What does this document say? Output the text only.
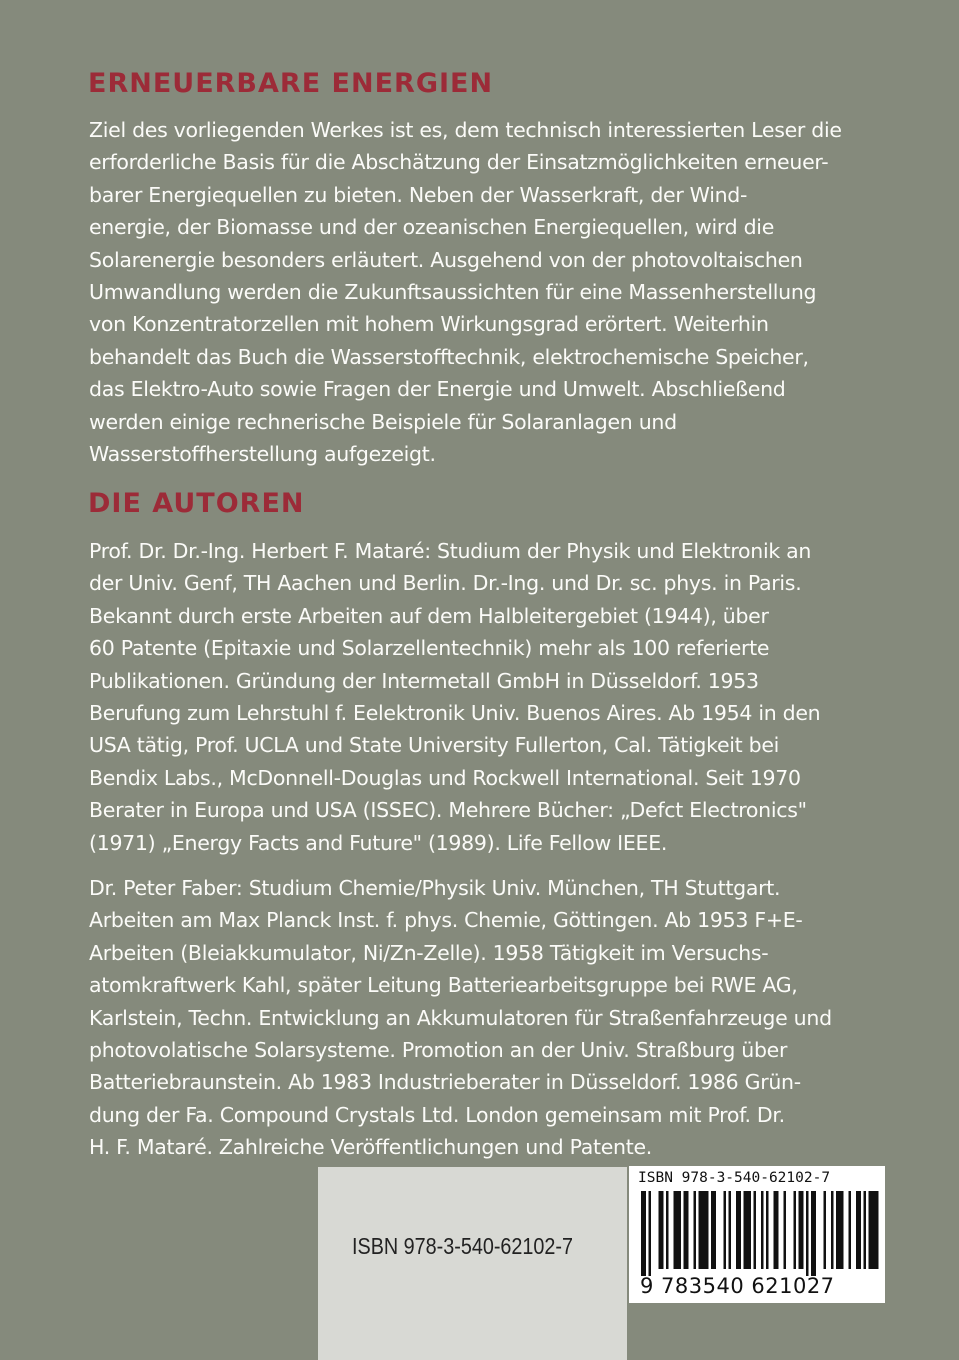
ERNEUERBARE ENERGIEN

Ziel des vorliegenden Werkes ist es, dem technisch interessierten Leser die
erforderliche Basis für die Abschätzung der Einsatzmöglichkeiten erneuer-
barer Energiequellen zu bieten. Neben der Wasserkraft, der Wind-
energie, der Biomasse und der ozeanischen Energiequellen, wird die
Solarenergie besonders erläutert. Ausgehend von der photovoltaischen
Umwandlung werden die Zukunftsaussichten für eine Massenherstellung
von Konzentratorzellen mit hohem Wirkungsgrad erörtert. Weiterhin
behandelt das Buch die Wasserstofftechnik, elektrochemische Speicher,
das Elektro-Auto sowie Fragen der Energie und Umwelt. Abschließend
werden einige rechnerische Beispiele für Solaranlagen und
Wasserstoffherstellung aufgezeigt.

DIE AUTOREN

Prof. Dr. Dr.-Ing. Herbert F. Mataré: Studium der Physik und Elektronik an
der Univ. Genf, TH Aachen und Berlin. Dr.-Ing. und Dr. sc. phys. in Paris.
Bekannt durch erste Arbeiten auf dem Halbleitergebiet (1944), über
60 Patente (Epitaxie und Solarzellentechnik) mehr als 100 referierte
Publikationen. Gründung der Intermetall GmbH in Düsseldorf. 1953
Berufung zum Lehrstuhl f. Eelektronik Univ. Buenos Aires. Ab 1954 in den
USA tätig, Prof. UCLA und State University Fullerton, Cal. Tätigkeit bei
Bendix Labs., McDonnell-Douglas und Rockwell International. Seit 1970
Berater in Europa und USA (ISSEC). Mehrere Bücher: „Defct Electronics"
(1971) „Energy Facts and Future" (1989). Life Fellow IEEE.

Dr. Peter Faber: Studium Chemie/Physik Univ. München, TH Stuttgart.
Arbeiten am Max Planck Inst. f. phys. Chemie, Göttingen. Ab 1953 F+E-
Arbeiten (Bleiakkumulator, Ni/Zn-Zelle). 1958 Tätigkeit im Versuchs-
atomkraftwerk Kahl, später Leitung Batteriearbeitsgruppe bei RWE AG,
Karlstein, Techn. Entwicklung an Akkumulatoren für Straßenfahrzeuge und
photovolatische Solarsysteme. Promotion an der Univ. Straßburg über
Batteriebraunstein. Ab 1983 Industrieberater in Düsseldorf. 1986 Grün-
dung der Fa. Compound Crystals Ltd. London gemeinsam mit Prof. Dr.
H. F. Mataré. Zahlreiche Veröffentlichungen und Patente.

ISBN 978-3-540-62102-7
ISBN 978-3-540-62102-7
9 783540 621027
